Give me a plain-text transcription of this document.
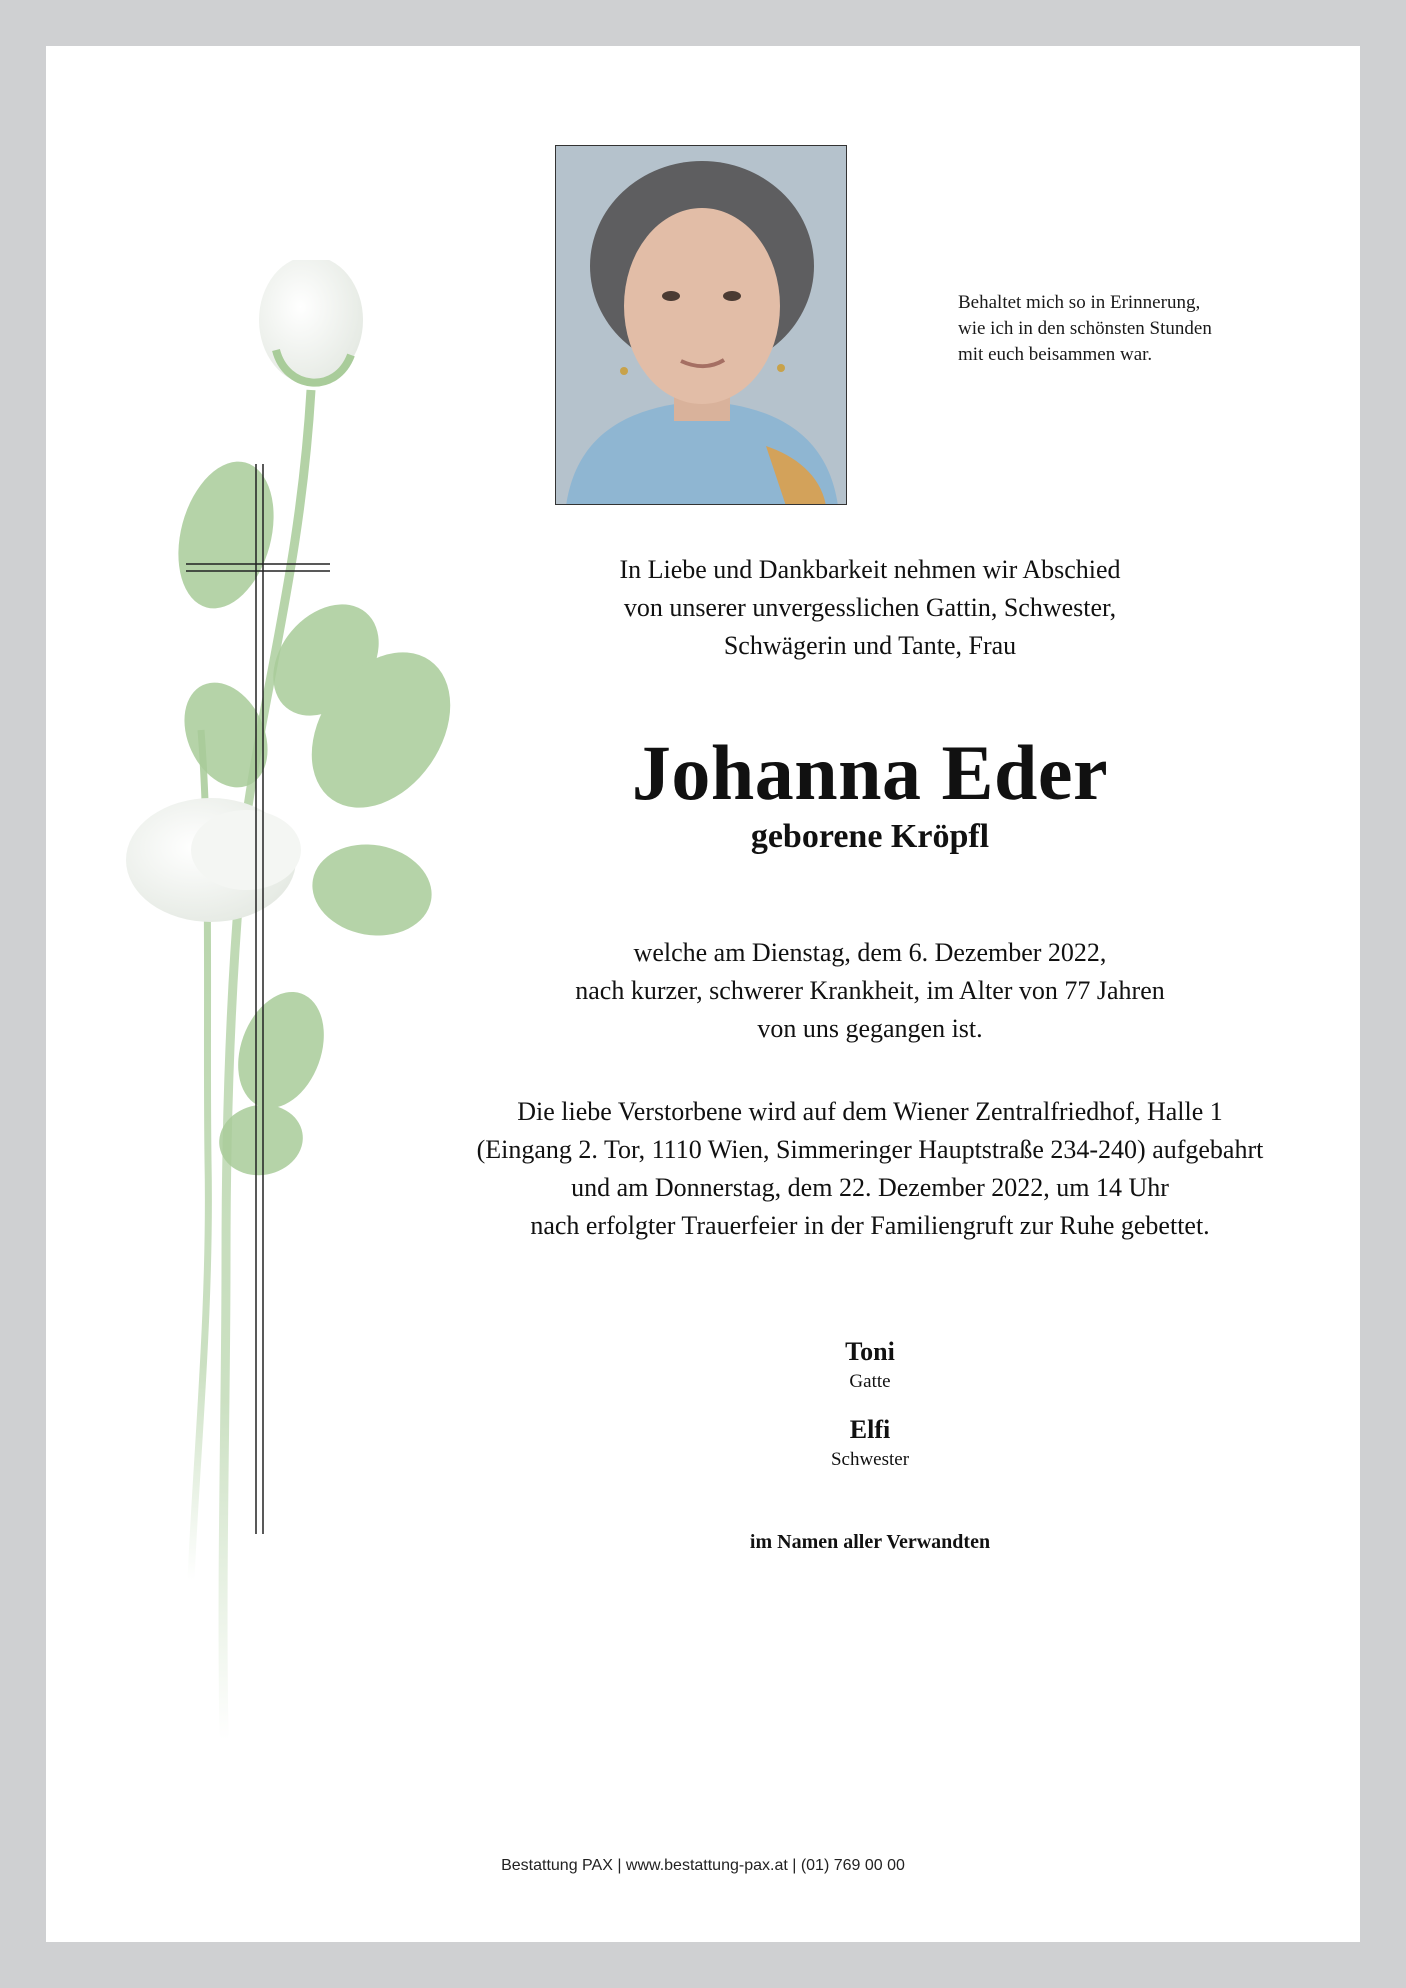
Behaltet mich so in Erinnerung,
wie ich in den schönsten Stunden
mit euch beisammen war.
In Liebe und Dankbarkeit nehmen wir Abschied
von unserer unvergesslichen Gattin, Schwester,
Schwägerin und Tante, Frau
Johanna Eder
geborene Kröpfl
welche am Dienstag, dem 6. Dezember 2022,
nach kurzer, schwerer Krankheit, im Alter von 77 Jahren
von uns gegangen ist.
Die liebe Verstorbene wird auf dem Wiener Zentralfriedhof, Halle 1
(Eingang 2. Tor, 1110 Wien, Simmeringer Hauptstraße 234-240) aufgebahrt
und am Donnerstag, dem 22. Dezember 2022, um 14 Uhr
nach erfolgter Trauerfeier in der Familiengruft zur Ruhe gebettet.
Toni
Gatte
Elfi
Schwester
im Namen aller Verwandten
Bestattung PAX | www.bestattung-pax.at | (01) 769 00 00
